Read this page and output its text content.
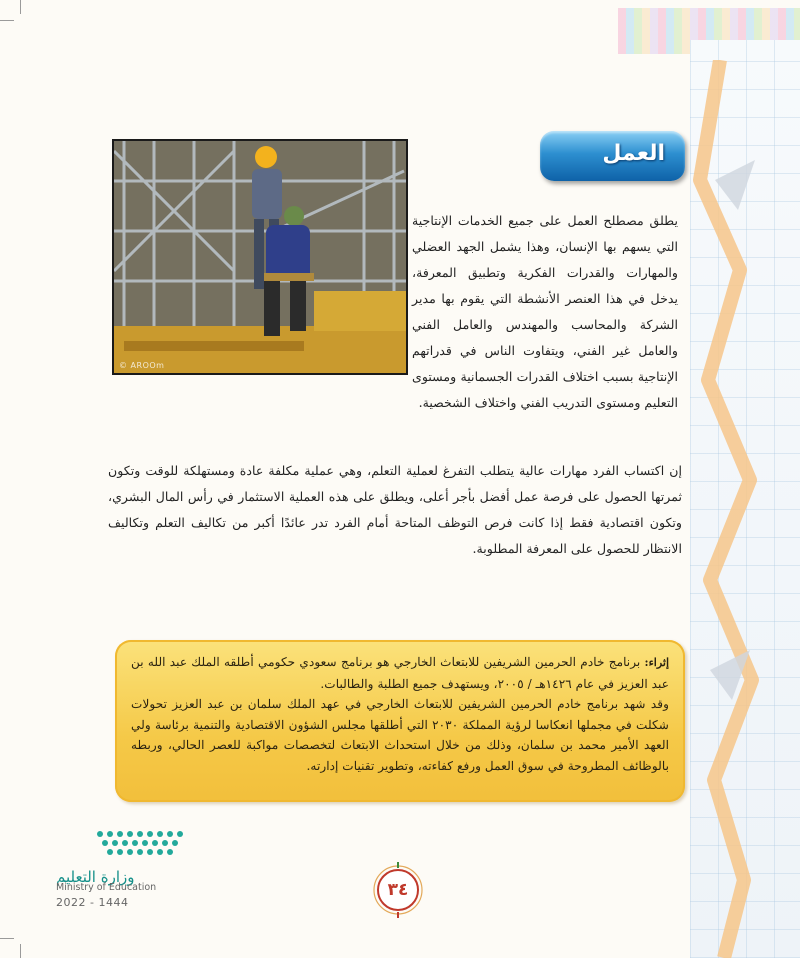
العمل
© AROOm
يطلق مصطلح العمل على جميع الخدمات الإنتاجية التي يسهم بها الإنسان، وهذا يشمل الجهد العضلي والمهارات والقدرات الفكرية وتطبيق المعرفة، يدخل في هذا العنصر الأنشطة التي يقوم بها مدير الشركة والمحاسب والمهندس والعامل الفني والعامل غير الفني، ويتفاوت الناس في قدراتهم الإنتاجية بسبب اختلاف القدرات الجسمانية ومستوى التعليم ومستوى التدريب الفني واختلاف الشخصية.
إن اكتساب الفرد مهارات عالية يتطلب التفرغ لعملية التعلم، وهي عملية مكلفة عادة ومستهلكة للوقت وتكون ثمرتها الحصول على فرصة عمل أفضل بأجر أعلى، ويطلق على هذه العملية الاستثمار في رأس المال البشري، وتكون اقتصادية فقط إذا كانت فرص التوظف المتاحة أمام الفرد تدر عائدًا أكبر من تكاليف التعلم وتكاليف الانتظار للحصول على المعرفة المطلوبة.
إثراء: برنامج خادم الحرمين الشريفين للابتعاث الخارجي هو برنامج سعودي حكومي أطلقه الملك عبد الله بن عبد العزيز في عام ١٤٢٦هـ / ٢٠٠٥، ويستهدف جميع الطلبة والطالبات.
وقد شهد برنامج خادم الحرمين الشريفين للابتعاث الخارجي في عهد الملك سلمان بن عبد العزيز تحولات شكلت في مجملها انعكاسا لرؤية المملكة ٢٠٣٠ التي أطلقها مجلس الشؤون الاقتصادية والتنمية برئاسة ولي العهد الأمير محمد بن سلمان، وذلك من خلال استحداث الابتعاث لتخصصات مواكبة للعصر الحالي، وربطه بالوظائف المطروحة في سوق العمل ورفع كفاءته، وتطوير تقنيات إدارته.
وزارة التعليم
Ministry of Education
2022 - 1444
٣٤
